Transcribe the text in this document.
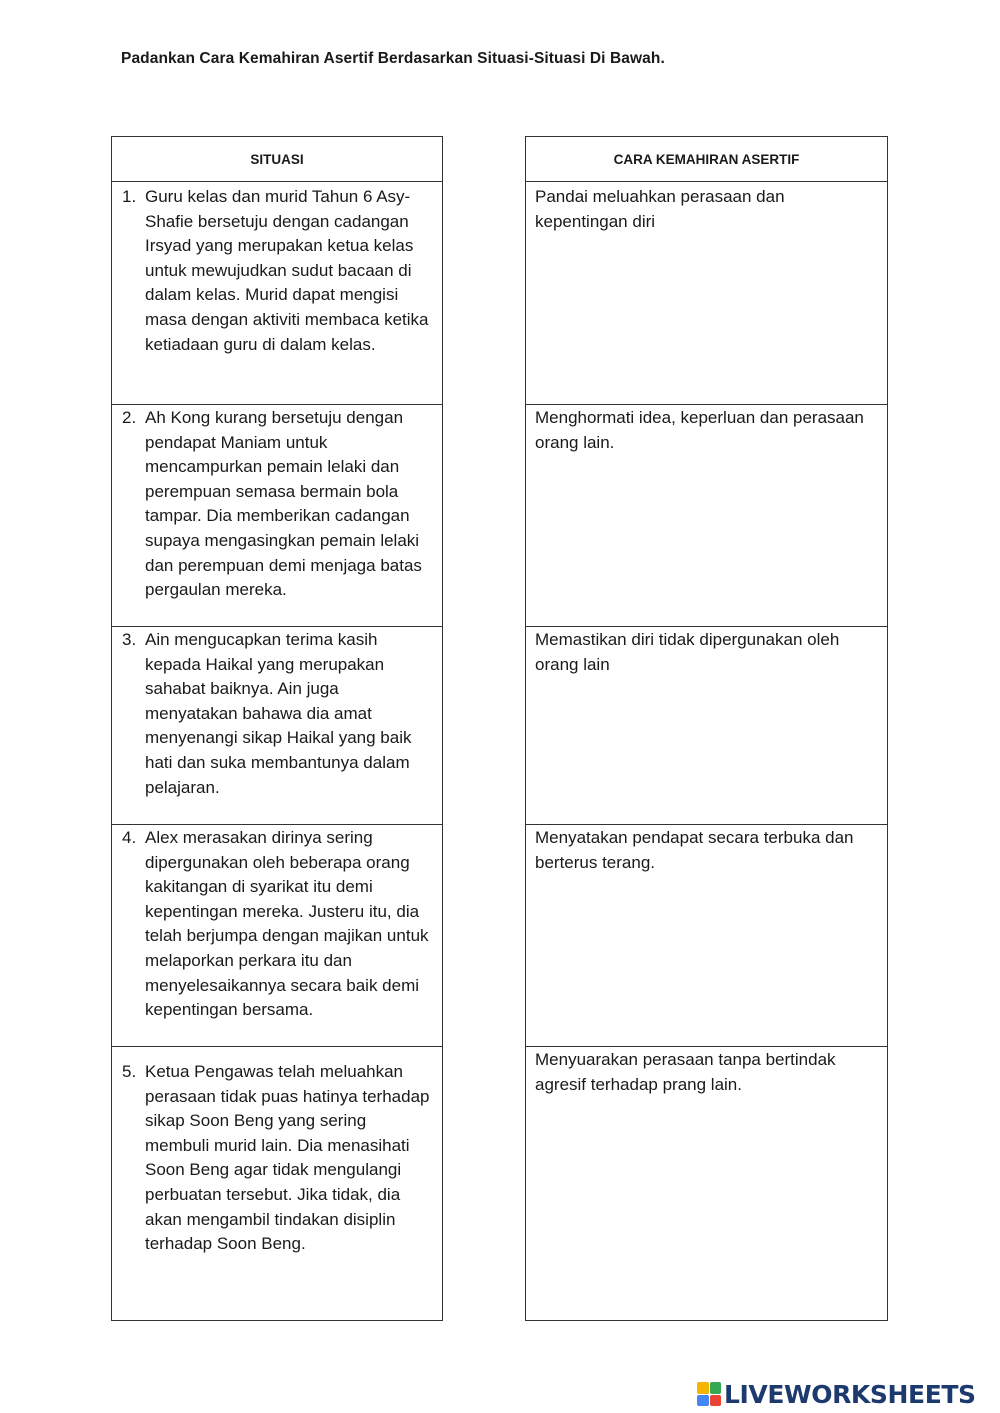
Padankan Cara Kemahiran Asertif Berdasarkan Situasi-Situasi Di Bawah.
SITUASI
1. Guru kelas dan murid Tahun 6 Asy-Shafie bersetuju dengan cadangan Irsyad yang merupakan ketua kelas untuk mewujudkan sudut bacaan di dalam kelas. Murid dapat mengisi masa dengan aktiviti membaca ketika ketiadaan guru di dalam kelas.
2. Ah Kong kurang bersetuju dengan pendapat Maniam untuk mencampurkan pemain lelaki dan perempuan semasa bermain bola tampar. Dia memberikan cadangan supaya mengasingkan pemain lelaki dan perempuan demi menjaga batas pergaulan mereka.
3. Ain mengucapkan terima kasih kepada Haikal yang merupakan sahabat baiknya. Ain juga menyatakan bahawa dia amat menyenangi sikap Haikal yang baik hati dan suka membantunya dalam pelajaran.
4. Alex merasakan dirinya sering dipergunakan oleh beberapa orang kakitangan di syarikat itu demi kepentingan mereka. Justeru itu, dia telah berjumpa dengan majikan untuk melaporkan perkara itu dan menyelesaikannya secara baik demi kepentingan bersama.
5. Ketua Pengawas telah meluahkan perasaan tidak puas hatinya terhadap sikap Soon Beng yang sering membuli murid lain. Dia menasihati Soon Beng agar tidak mengulangi perbuatan tersebut. Jika tidak, dia akan mengambil tindakan disiplin terhadap Soon Beng.
CARA KEMAHIRAN ASERTIF
Pandai meluahkan perasaan dan kepentingan diri
Menghormati idea, keperluan dan perasaan orang lain.
Memastikan diri tidak dipergunakan oleh orang lain
Menyatakan pendapat secara terbuka dan berterus terang.
Menyuarakan perasaan tanpa bertindak agresif terhadap prang lain.
LIVEWORKSHEETS
